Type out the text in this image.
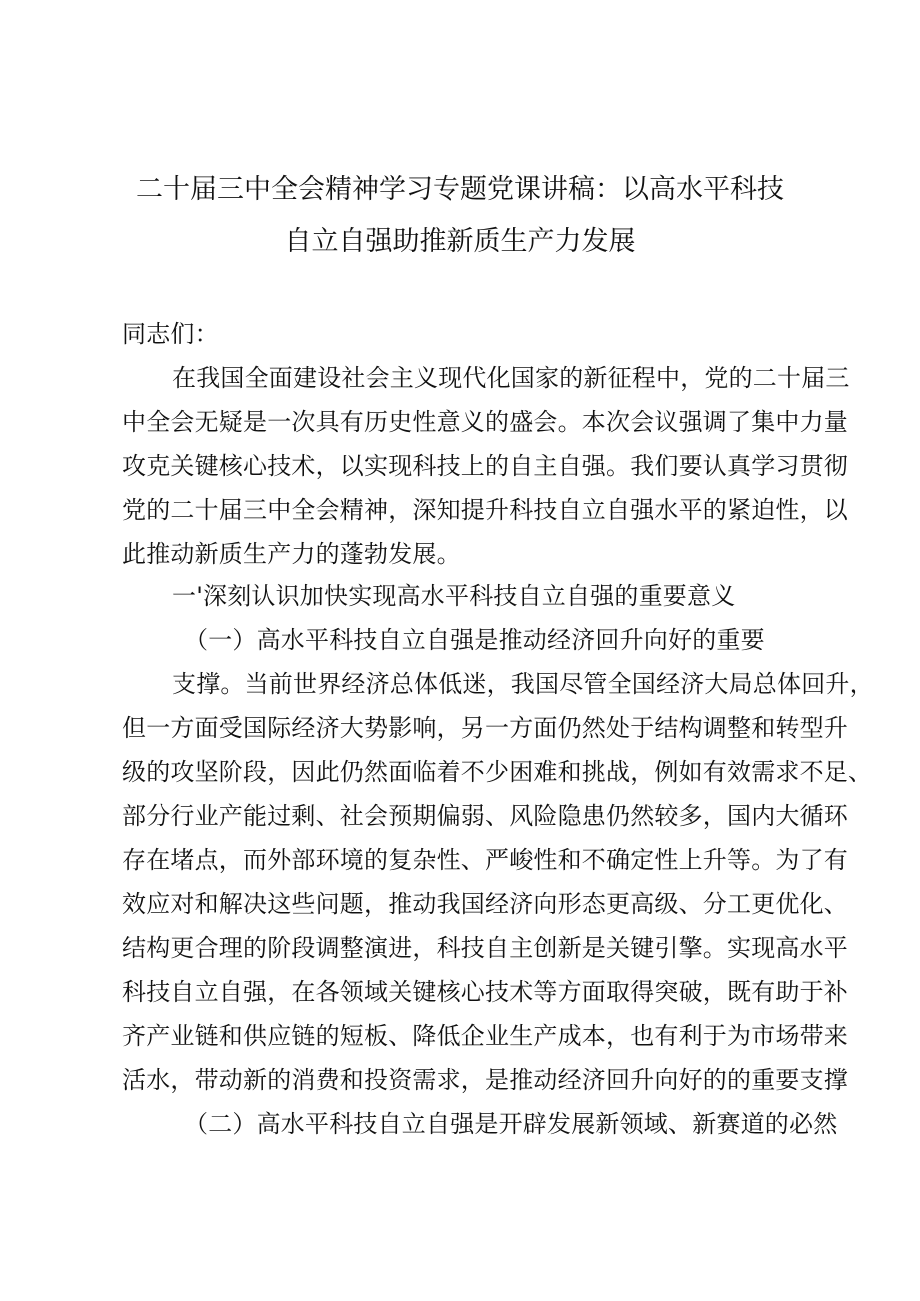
二十届三中全会精神学习专题党课讲稿：以高水平科技
自立自强助推新质生产力发展
同志们：
在我国全面建设社会主义现代化国家的新征程中，党的二十届三
中全会无疑是一次具有历史性意义的盛会。本次会议强调了集中力量
攻克关键核心技术，以实现科技上的自主自强。我们要认真学习贯彻
党的二十届三中全会精神，深知提升科技自立自强水平的紧迫性，以
此推动新质生产力的蓬勃发展。
一'深刻认识加快实现高水平科技自立自强的重要意义
（一）高水平科技自立自强是推动经济回升向好的重要
支撑。当前世界经济总体低迷，我国尽管全国经济大局总体回升，
但一方面受国际经济大势影响，另一方面仍然处于结构调整和转型升
级的攻坚阶段，因此仍然面临着不少困难和挑战，例如有效需求不足、
部分行业产能过剩、社会预期偏弱、风险隐患仍然较多，国内大循环
存在堵点，而外部环境的复杂性、严峻性和不确定性上升等。为了有
效应对和解决这些问题，推动我国经济向形态更高级、分工更优化、
结构更合理的阶段调整演进，科技自主创新是关键引擎。实现高水平
科技自立自强，在各领域关键核心技术等方面取得突破，既有助于补
齐产业链和供应链的短板、降低企业生产成本，也有利于为市场带来
活水，带动新的消费和投资需求，是推动经济回升向好的的重要支撑
（二）高水平科技自立自强是开辟发展新领域、新赛道的必然
